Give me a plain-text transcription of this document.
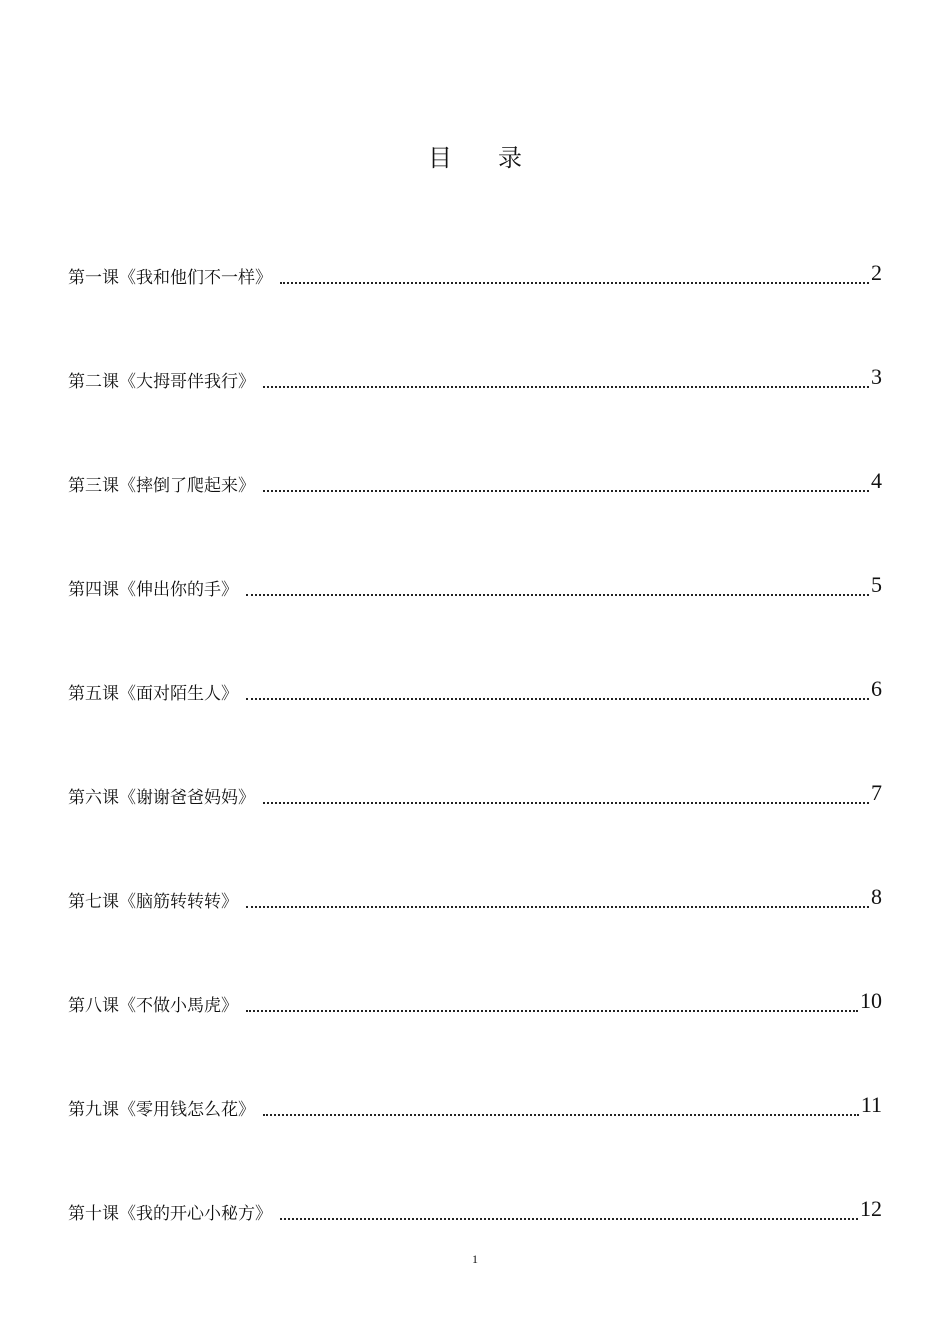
目录
第一课《我和他们不一样》	2
第二课《大拇哥伴我行》	3
第三课《摔倒了爬起来》	4
第四课《伸出你的手》	5
第五课《面对陌生人》	6
第六课《谢谢爸爸妈妈》	7
第七课《脑筋转转转》	8
第八课《不做小馬虎》	10
第九课《零用钱怎么花》	11
第十课《我的开心小秘方》	12
1
